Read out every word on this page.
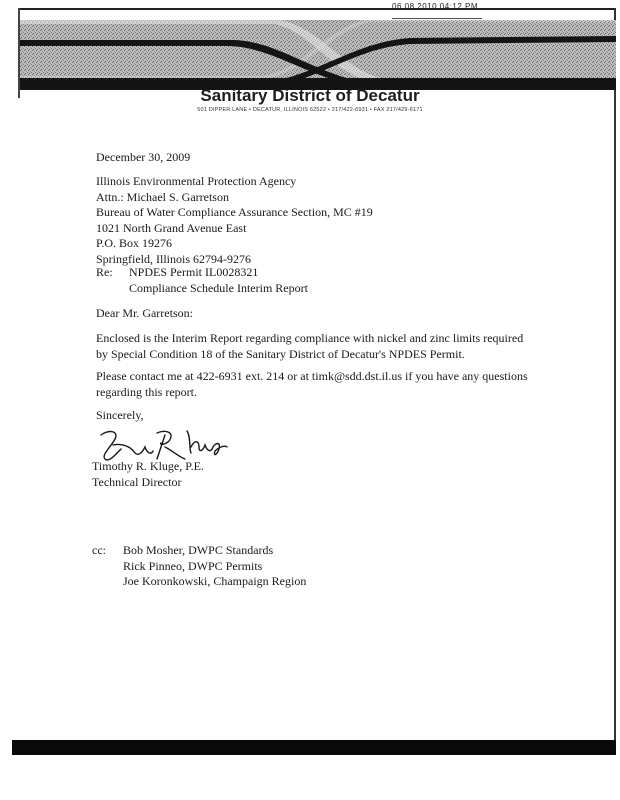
06 08 2010 04:12 PM
Sanitary District of Decatur
501 DIPPER LANE • DECATUR, ILLINOIS 62522 • 217/422-6931 • FAX 217/429-6171
December 30, 2009
Illinois Environmental Protection Agency
Attn.: Michael S. Garretson
Bureau of Water Compliance Assurance Section, MC #19
1021 North Grand Avenue East
P.O. Box 19276
Springfield, Illinois 62794-9276
Re: NPDES Permit IL0028321
Compliance Schedule Interim Report
Dear Mr. Garretson:
Enclosed is the Interim Report regarding compliance with nickel and zinc limits required
by Special Condition 18 of the Sanitary District of Decatur's NPDES Permit.
Please contact me at 422-6931 ext. 214 or at timk@sdd.dst.il.us if you have any questions
regarding this report.
Sincerely,
Timothy R. Kluge, P.E.
Technical Director
cc: Bob Mosher, DWPC Standards
Rick Pinneo, DWPC Permits
Joe Koronkowski, Champaign Region
